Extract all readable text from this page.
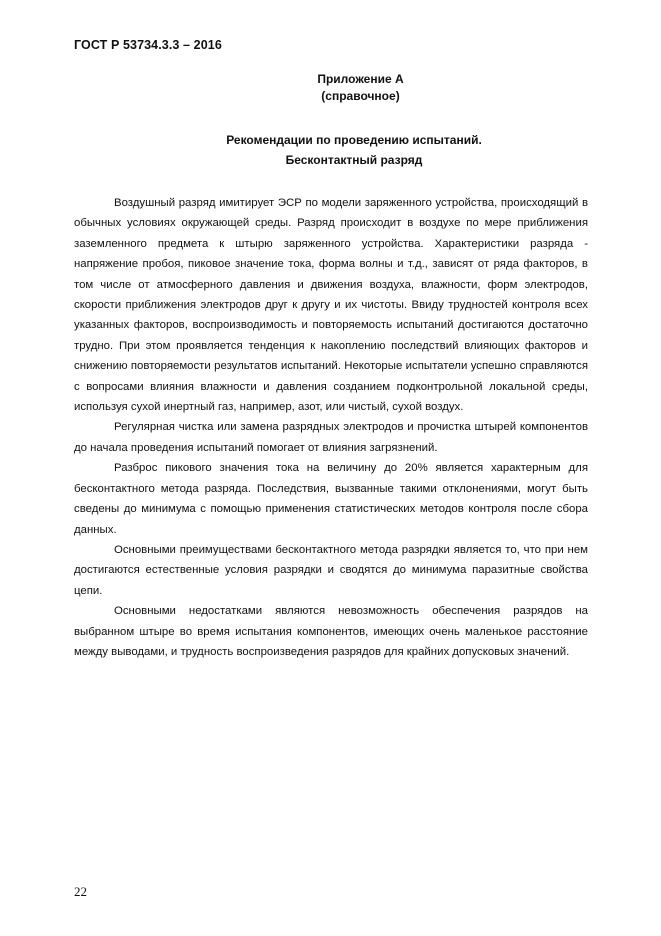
ГОСТ Р 53734.3.3 – 2016
Приложение А
(справочное)
Рекомендации по проведению испытаний.
Бесконтактный разряд

Воздушный разряд имитирует ЭСР по модели заряженного устройства, происходящий в обычных условиях окружающей среды. Разряд происходит в воздухе по мере приближения заземленного предмета к штырю заряженного устройства. Характеристики разряда - напряжение пробоя, пиковое значение тока, форма волны и т.д., зависят от ряда факторов, в том числе от атмосферного давления и движения воздуха, влажности, форм электродов, скорости приближения электродов друг к другу и их чистоты. Ввиду трудностей контроля всех указанных факторов, воспроизводимость и повторяемость испытаний достигаются достаточно трудно. При этом проявляется тенденция к накоплению последствий влияющих факторов и снижению повторяемости результатов испытаний. Некоторые испытатели успешно справляются с вопросами влияния влажности и давления созданием подконтрольной локальной среды, используя сухой инертный газ, например, азот, или чистый, сухой воздух.

Регулярная чистка или замена разрядных электродов и прочистка штырей компонентов до начала проведения испытаний помогает от влияния загрязнений.

Разброс пикового значения тока на величину до 20% является характерным для бесконтактного метода разряда. Последствия, вызванные такими отклонениями, могут быть сведены до минимума с помощью применения статистических методов контроля после сбора данных.

Основными преимуществами бесконтактного метода разрядки является то, что при нем достигаются естественные условия разрядки и сводятся до минимума паразитные свойства цепи.

Основными недостатками являются невозможность обеспечения разрядов на выбранном штыре во время испытания компонентов, имеющих очень маленькое расстояние между выводами, и трудность воспроизведения разрядов для крайних допусковых значений.

22
